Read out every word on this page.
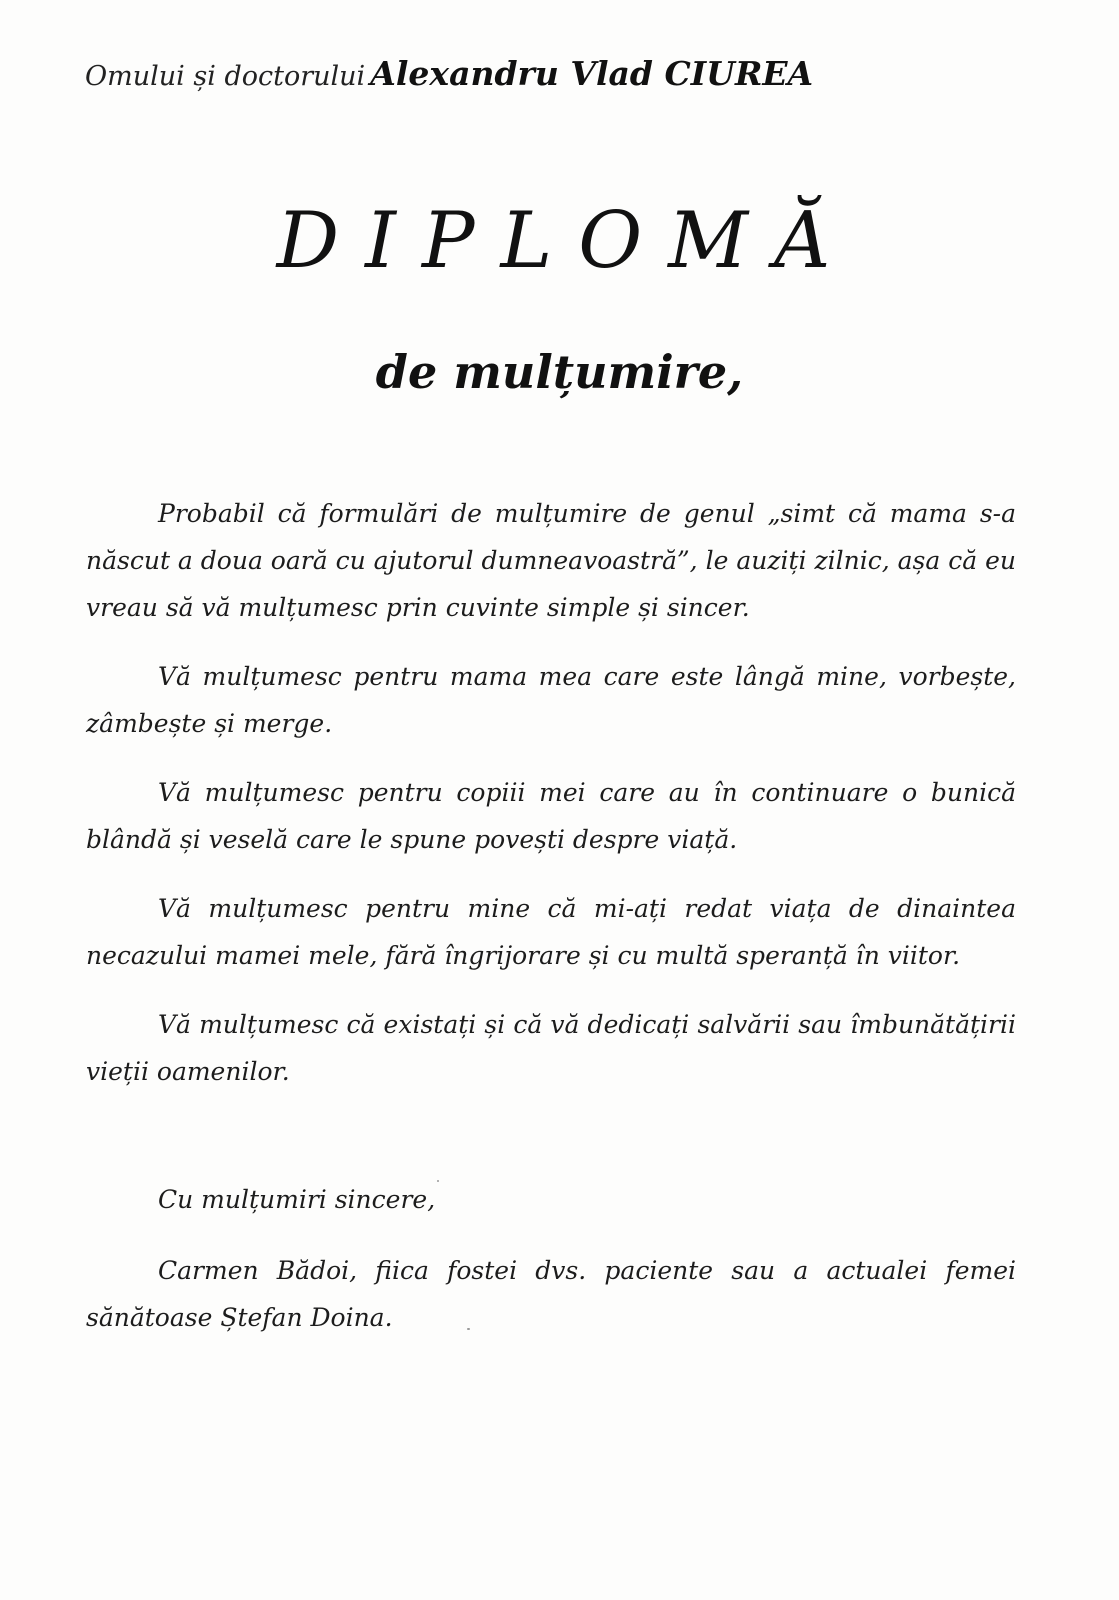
Omului și doctorului Alexandru Vlad CIUREA
DIPLOMĂ
de mulțumire,

Probabil că formulări de mulțumire de genul „simt că mama s-a născut a doua oară cu ajutorul dumneavoastră”, le auziți zilnic, așa că eu vreau să vă mulțumesc prin cuvinte simple și sincer.

Vă mulțumesc pentru mama mea care este lângă mine, vorbește, zâmbește și merge.

Vă mulțumesc pentru copiii mei care au în continuare o bunică blândă și veselă care le spune povești despre viață.

Vă mulțumesc pentru mine că mi-ați redat viața de dinaintea necazului mamei mele, fără îngrijorare și cu multă speranță în viitor.

Vă mulțumesc că existați și că vă dedicați salvării sau îmbunătățirii vieții oamenilor.

Cu mulțumiri sincere,

Carmen Bădoi, fiica fostei dvs. paciente sau a actualei femei sănătoase Ștefan Doina.
